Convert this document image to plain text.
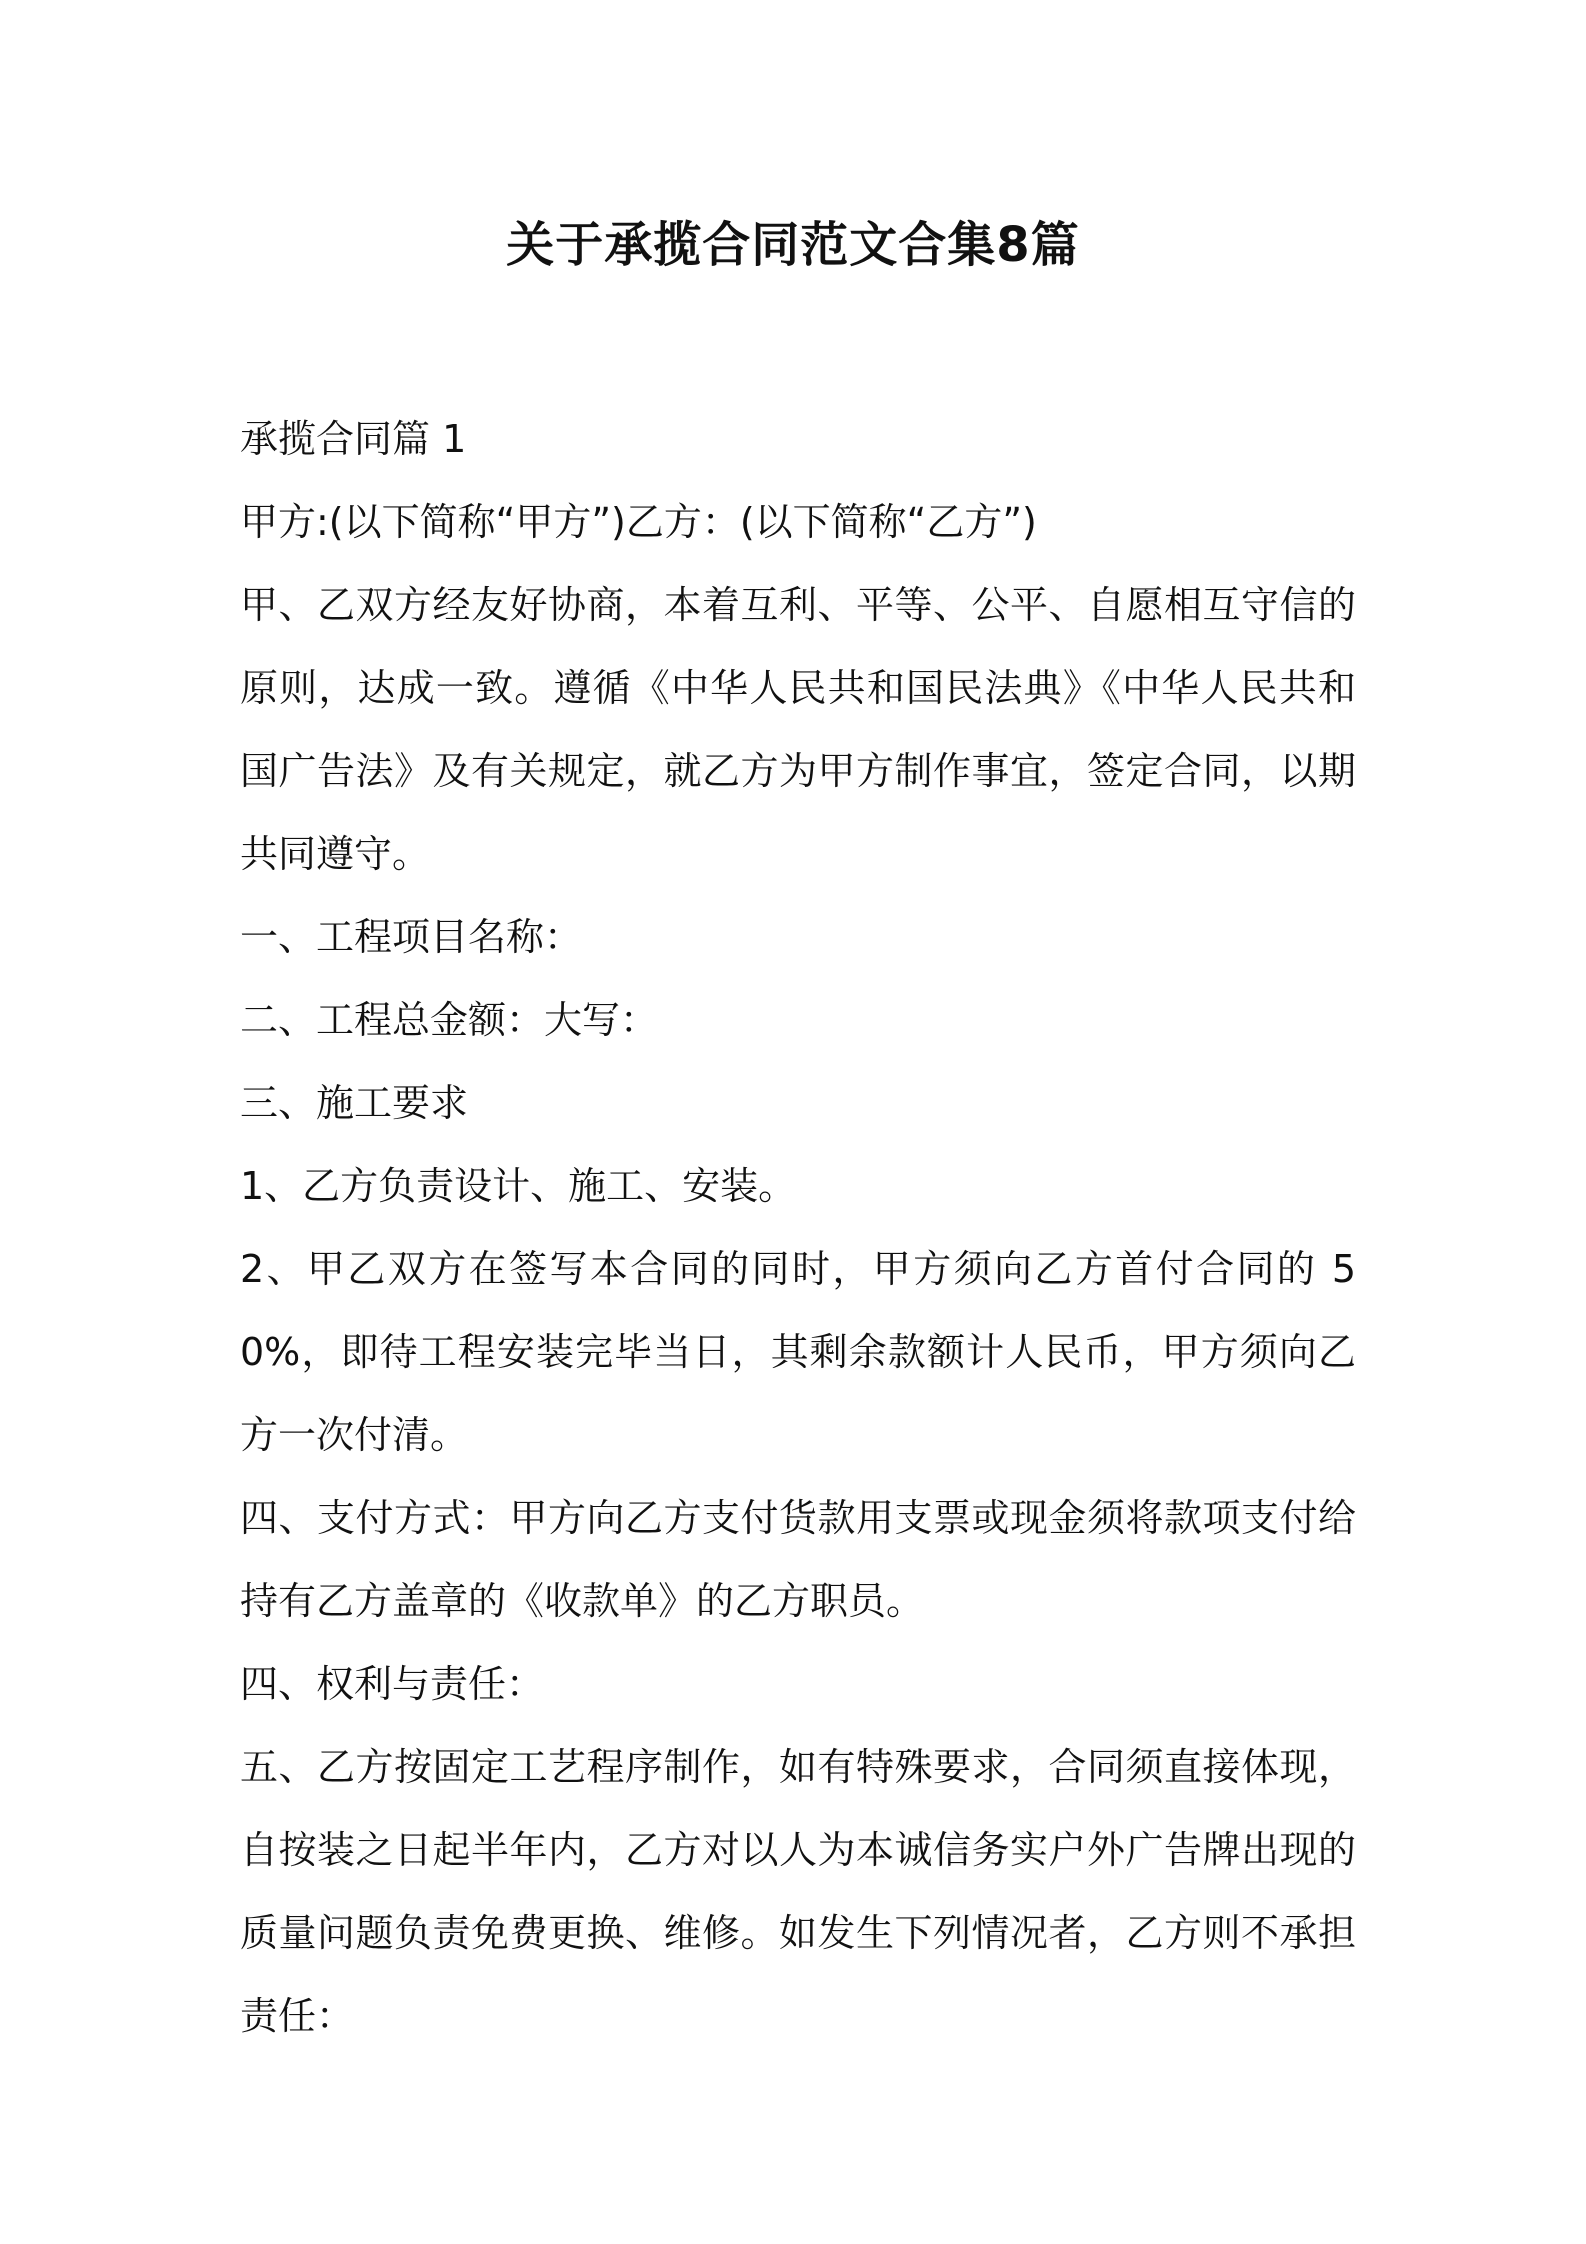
关于承揽合同范文合集8篇

承揽合同篇 1

甲方:(以下简称“甲方”)乙方：(以下简称“乙方”)

甲、乙双方经友好协商，本着互利、平等、公平、自愿相互守信的原则，达成一致。遵循《中华人民共和国民法典》《中华人民共和国广告法》及有关规定，就乙方为甲方制作事宜，签定合同，以期共同遵守。

一、工程项目名称：

二、工程总金额：大写：

三、施工要求

1、乙方负责设计、施工、安装。

2、甲乙双方在签写本合同的同时，甲方须向乙方首付合同的 50%，即待工程安装完毕当日，其剩余款额计人民币，甲方须向乙方一次付清。

四、支付方式：甲方向乙方支付货款用支票或现金须将款项支付给持有乙方盖章的《收款单》的乙方职员。

四、权利与责任：

五、乙方按固定工艺程序制作，如有特殊要求，合同须直接体现，自按装之日起半年内，乙方对以人为本诚信务实户外广告牌出现的质量问题负责免费更换、维修。如发生下列情况者，乙方则不承担责任：
